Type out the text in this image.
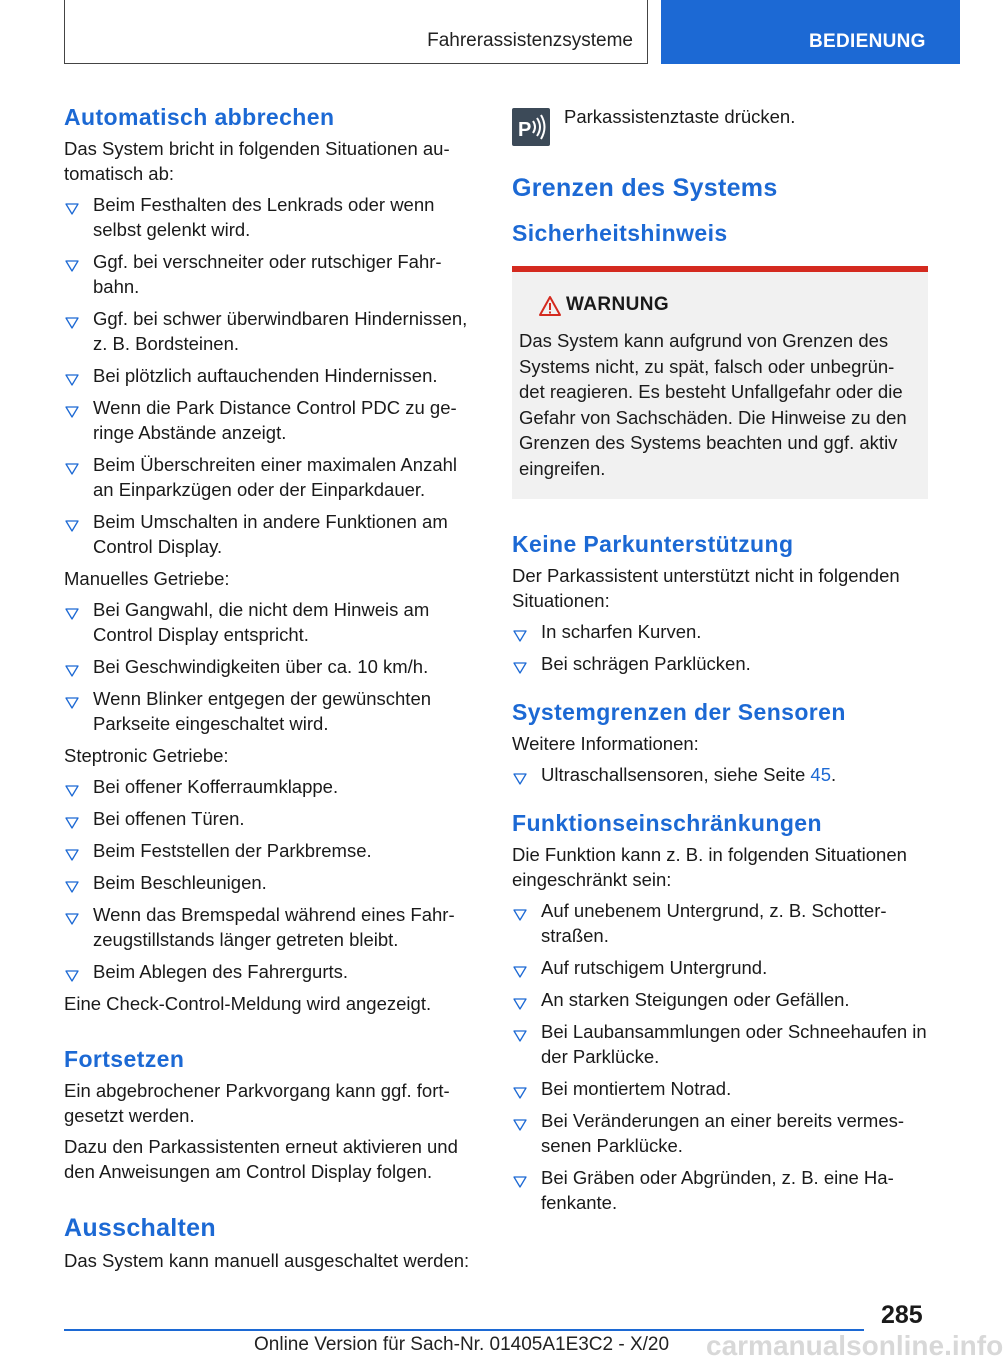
Fahrerassistenzsysteme	BEDIENUNG
Automatisch abbrechen

Das System bricht in folgenden Situationen au-tomatisch ab:

Beim Festhalten des Lenkrads oder wenn selbst gelenkt wird.
Ggf. bei verschneiter oder rutschiger Fahr-bahn.
Ggf. bei schwer überwindbaren Hindernissen, z. B. Bordsteinen.
Bei plötzlich auftauchenden Hindernissen.
Wenn die Park Distance Control PDC zu ge-ringe Abstände anzeigt.
Beim Überschreiten einer maximalen Anzahl an Einparkzügen oder der Einparkdauer.
Beim Umschalten in andere Funktionen am Control Display.

Manuelles Getriebe:

Bei Gangwahl, die nicht dem Hinweis am Control Display entspricht.
Bei Geschwindigkeiten über ca. 10 km/h.
Wenn Blinker entgegen der gewünschten Parkseite eingeschaltet wird.

Steptronic Getriebe:

Bei offener Kofferraumklappe.
Bei offenen Türen.
Beim Feststellen der Parkbremse.
Beim Beschleunigen.
Wenn das Bremspedal während eines Fahr-zeugstillstands länger getreten bleibt.
Beim Ablegen des Fahrergurts.

Eine Check-Control-Meldung wird angezeigt.

Fortsetzen

Ein abgebrochener Parkvorgang kann ggf. fort-gesetzt werden.

Dazu den Parkassistenten erneut aktivieren und den Anweisungen am Control Display folgen.

Ausschalten

Das System kann manuell ausgeschaltet werden:

P
Parkassistenztaste drücken.
Grenzen des Systems
Sicherheitshinweis
WARNUNG

Das System kann aufgrund von Grenzen des Systems nicht, zu spät, falsch oder unbegrün-det reagieren. Es besteht Unfallgefahr oder die Gefahr von Sachschäden. Die Hinweise zu den Grenzen des Systems beachten und ggf. aktiv eingreifen.

Keine Parkunterstützung

Der Parkassistent unterstützt nicht in folgenden Situationen:

In scharfen Kurven.
Bei schrägen Parklücken.
Systemgrenzen der Sensoren

Weitere Informationen:

Ultraschallsensoren, siehe Seite 45.
Funktionseinschränkungen

Die Funktion kann z. B. in folgenden Situationen eingeschränkt sein:

Auf unebenem Untergrund, z. B. Schotter-straßen.
Auf rutschigem Untergrund.
An starken Steigungen oder Gefällen.
Bei Laubansammlungen oder Schneehaufen in der Parklücke.
Bei montiertem Notrad.
Bei Veränderungen an einer bereits vermes-senen Parklücke.
Bei Gräben oder Abgründen, z. B. eine Ha-fenkante.
285
Online Version für Sach-Nr. 01405A1E3C2 - X/20 carmanualsonline.info
